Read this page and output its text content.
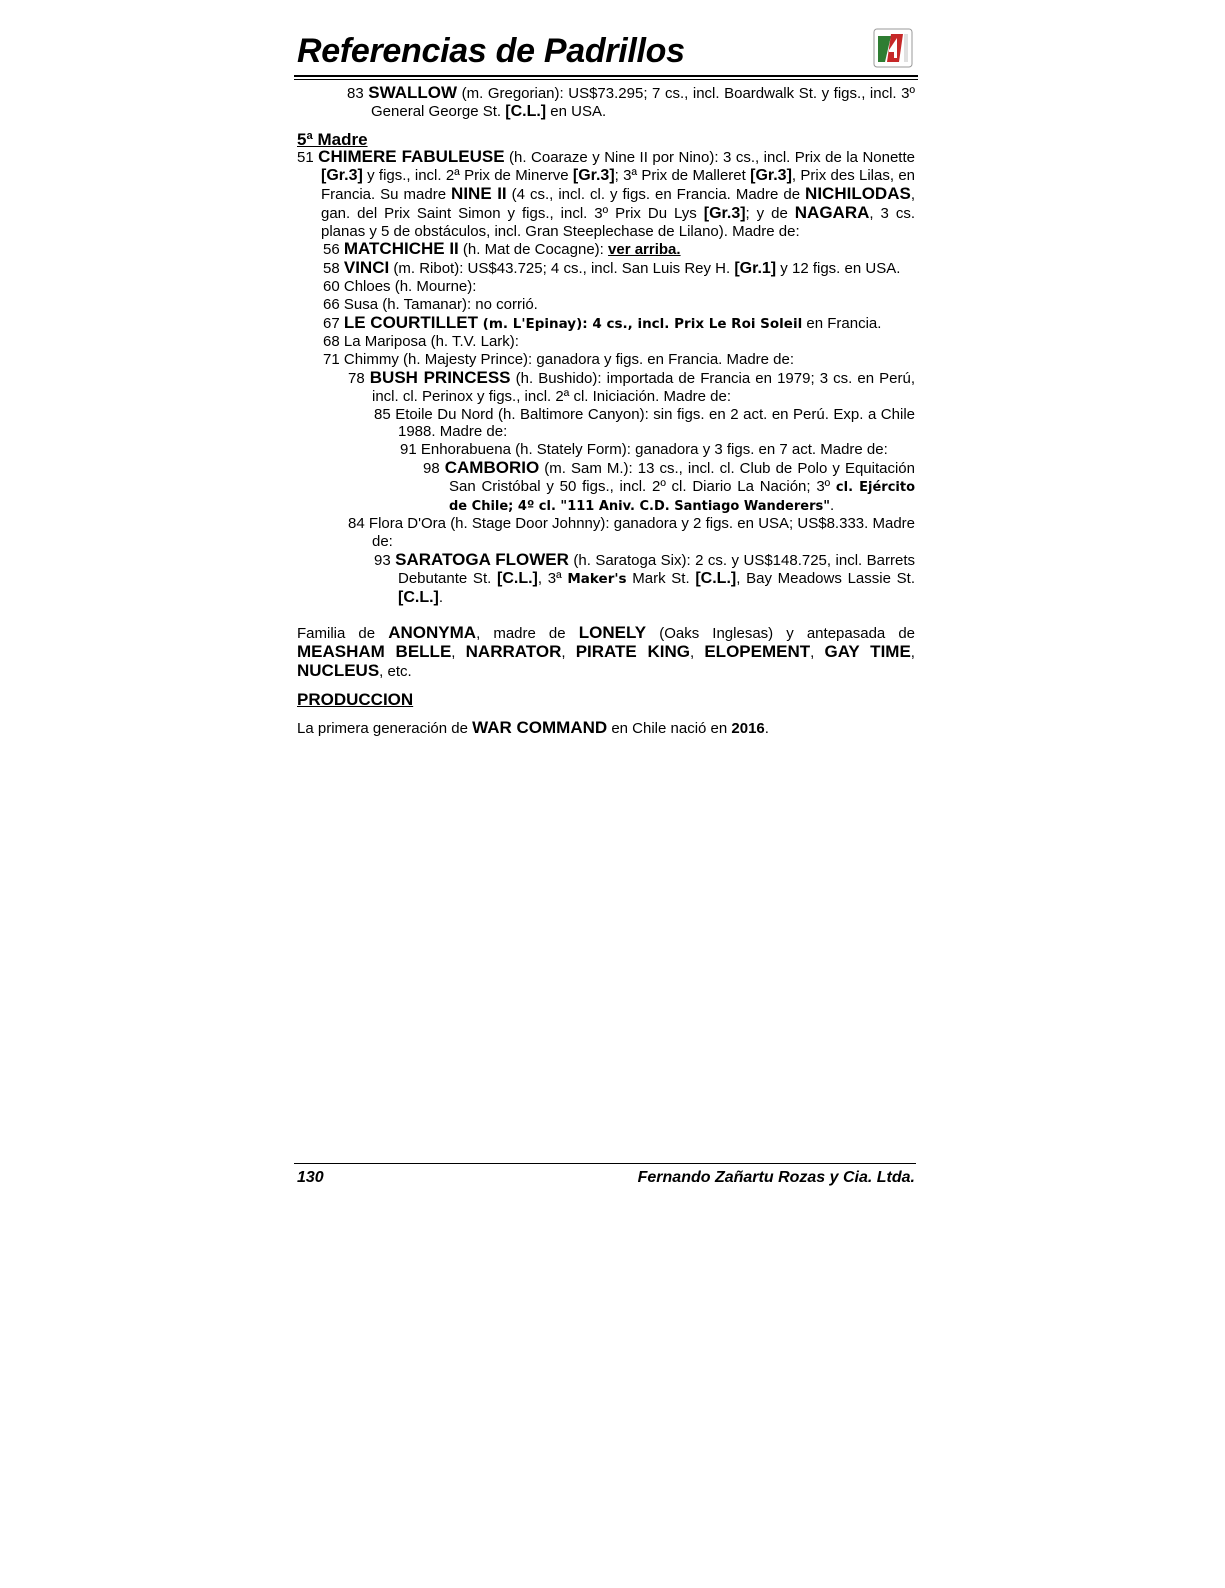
Referencias de Padrillos

83 SWALLOW (m. Gregorian): US$73.295; 7 cs., incl. Boardwalk St. y figs., incl. 3º General George St. [C.L.] en USA.

5ª Madre

51 CHIMERE FABULEUSE (h. Coaraze y Nine II por Nino): 3 cs., incl. Prix de la Nonette [Gr.3] y figs., incl. 2ª Prix de Minerve [Gr.3]; 3ª Prix de Malleret [Gr.3], Prix des Lilas, en Francia. Su madre NINE II (4 cs., incl. cl. y figs. en Francia. Madre de NICHILODAS, gan. del Prix Saint Simon y figs., incl. 3º Prix Du Lys [Gr.3]; y de NAGARA, 3 cs. planas y 5 de obstáculos, incl. Gran Steeplechase de Lilano). Madre de:

56 MATCHICHE II (h. Mat de Cocagne): ver arriba.

58 VINCI (m. Ribot): US$43.725; 4 cs., incl. San Luis Rey H. [Gr.1] y 12 figs. en USA.

60 Chloes (h. Mourne):

66 Susa (h. Tamanar): no corrió.

67 LE COURTILLET (m. L'Epinay): 4 cs., incl. Prix Le Roi Soleil en Francia.

68 La Mariposa (h. T.V. Lark):

71 Chimmy (h. Majesty Prince): ganadora y figs. en Francia. Madre de:

78 BUSH PRINCESS (h. Bushido): importada de Francia en 1979; 3 cs. en Perú, incl. cl. Perinox y figs., incl. 2ª cl. Iniciación. Madre de:

85 Etoile Du Nord (h. Baltimore Canyon): sin figs. en 2 act. en Perú. Exp. a Chile 1988. Madre de:

91 Enhorabuena (h. Stately Form): ganadora y 3 figs. en 7 act. Madre de:

98 CAMBORIO (m. Sam M.): 13 cs., incl. cl. Club de Polo y Equitación San Cristóbal y 50 figs., incl. 2º cl. Diario La Nación; 3º cl. Ejército de Chile; 4º cl. "111 Aniv. C.D. Santiago Wanderers".

84 Flora D'Ora (h. Stage Door Johnny): ganadora y 2 figs. en USA; US$8.333. Madre de:

93 SARATOGA FLOWER (h. Saratoga Six): 2 cs. y US$148.725, incl. Barrets Debutante St. [C.L.], 3ª Maker's Mark St. [C.L.], Bay Meadows Lassie St. [C.L.].

Familia de ANONYMA, madre de LONELY (Oaks Inglesas) y antepasada de MEASHAM BELLE, NARRATOR, PIRATE KING, ELOPEMENT, GAY TIME, NUCLEUS, etc.

PRODUCCION

La primera generación de WAR COMMAND en Chile nació en 2016.

130	Fernando Zañartu Rozas y Cia. Ltda.
